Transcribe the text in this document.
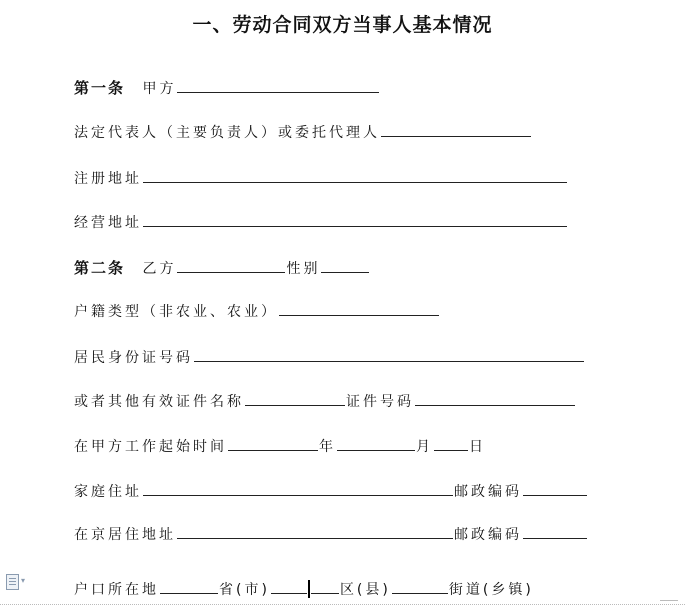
一、劳动合同双方当事人基本情况
第一条 甲方
法定代表人（主要负责人）或委托代理人
注册地址
经营地址
第二条 乙方	性别
户籍类型（非农业、农业）
居民身份证号码
或者其他有效证件名称	证件号码
在甲方工作起始时间	年	月	日
家庭住址	邮政编码
在京居住地址	邮政编码
户口所在地	省(市)	区(县)	街道(乡镇)
▾
